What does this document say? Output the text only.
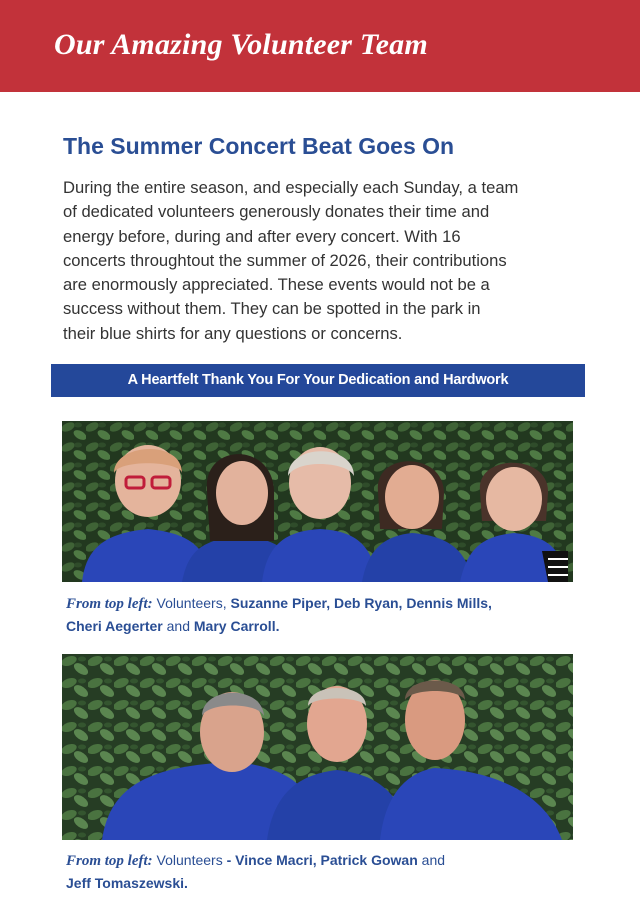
Our Amazing Volunteer Team
The Summer Concert Beat Goes On
During the entire season, and especially each Sunday, a team
of dedicated volunteers generously donates their time and
energy before, during and after every concert. With 16
concerts throughtout the summer of 2026, their contributions
are enormously appreciated. These events would not be a
success without them. They can be spotted in the park in
their blue shirts for any questions or concerns.
A Heartfelt Thank You For Your Dedication and Hardwork
From top left: Volunteers, Suzanne Piper, Deb Ryan, Dennis Mills,
Cheri Aegerter and Mary Carroll.
From top left: Volunteers - Vince Macri, Patrick Gowan and
Jeff Tomaszewski.
